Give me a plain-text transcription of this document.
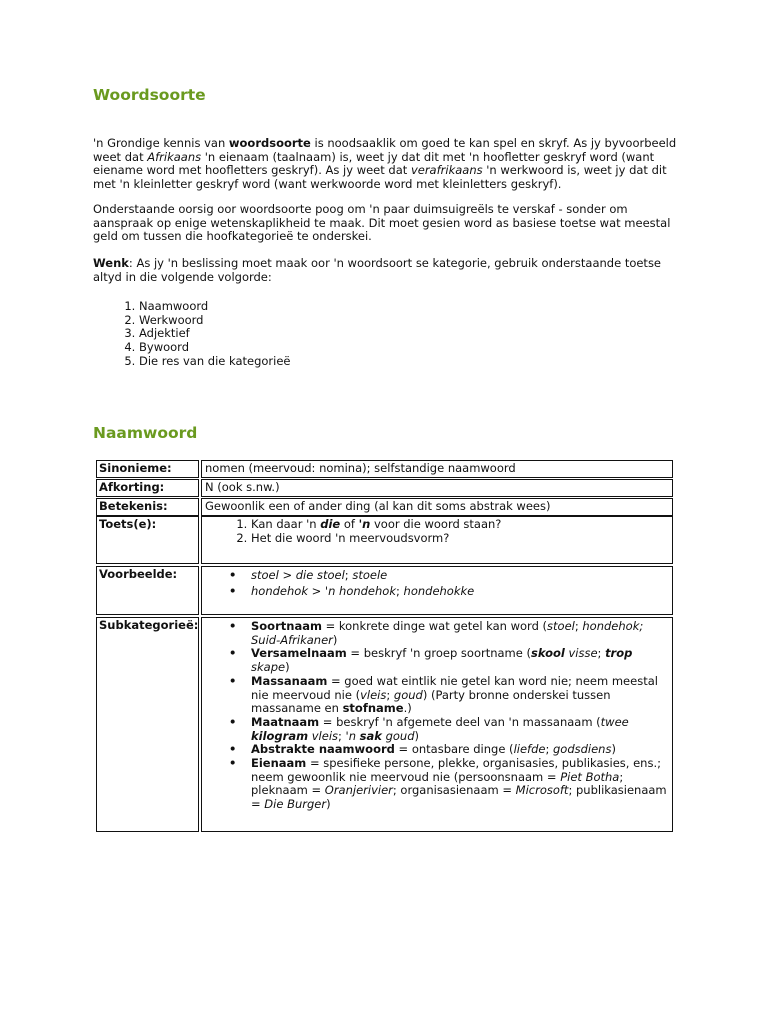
Woordsoorte

'n Grondige kennis van woordsoorte is noodsaaklik om goed te kan spel en skryf. As jy byvoorbeeld weet dat Afrikaans 'n eienaam (taalnaam) is, weet jy dat dit met 'n hoofletter geskryf word (want eiename word met hoofletters geskryf). As jy weet dat verafrikaans 'n werkwoord is, weet jy dat dit met 'n kleinletter geskryf word (want werkwoorde word met kleinletters geskryf).

Onderstaande oorsig oor woordsoorte poog om 'n paar duimsuigreëls te verskaf - sonder om aanspraak op enige wetenskaplikheid te maak. Dit moet gesien word as basiese toetse wat meestal geld om tussen die hoofkategorieë te onderskei.

Wenk: As jy 'n beslissing moet maak oor 'n woordsoort se kategorie, gebruik onderstaande toetse altyd in die volgende volgorde:

1. Naamwoord
2. Werkwoord
3. Adjektief
4. Bywoord
5. Die res van die kategorieë
Naamwoord
Sinonieme:	nomen (meervoud: nomina); selfstandige naamwoord
Afkorting:	N (ook s.nw.)
Betekenis:	Gewoonlik een of ander ding (al kan dit soms abstrak wees)
Toets(e):	1. Kan daar 'n die of 'n voor die woord staan?
2. Het die woord 'n meervoudsvorm?
Voorbeelde:	• stoel > die stoel; stoele
• hondehok > 'n hondehok; hondehokke
Subkategorieë:	• Soortnaam = konkrete dinge wat getel kan word (stoel; hondehok; Suid-Afrikaner)
• Versamelnaam = beskryf 'n groep soortname (skool visse; trop skape)
• Massanaam = goed wat eintlik nie getel kan word nie; neem meestal nie meervoud nie (vleis; goud) (Party bronne onderskei tussen massaname en stofname.)
• Maatnaam = beskryf 'n afgemete deel van 'n massanaam (twee kilogram vleis; 'n sak goud)
• Abstrakte naamwoord = ontasbare dinge (liefde; godsdiens)
• Eienaam = spesifieke persone, plekke, organisasies, publikasies, ens.; neem gewoonlik nie meervoud nie (persoonsnaam = Piet Botha; pleknaam = Oranjerivier; organisasienaam = Microsoft; publikasienaam = Die Burger)
